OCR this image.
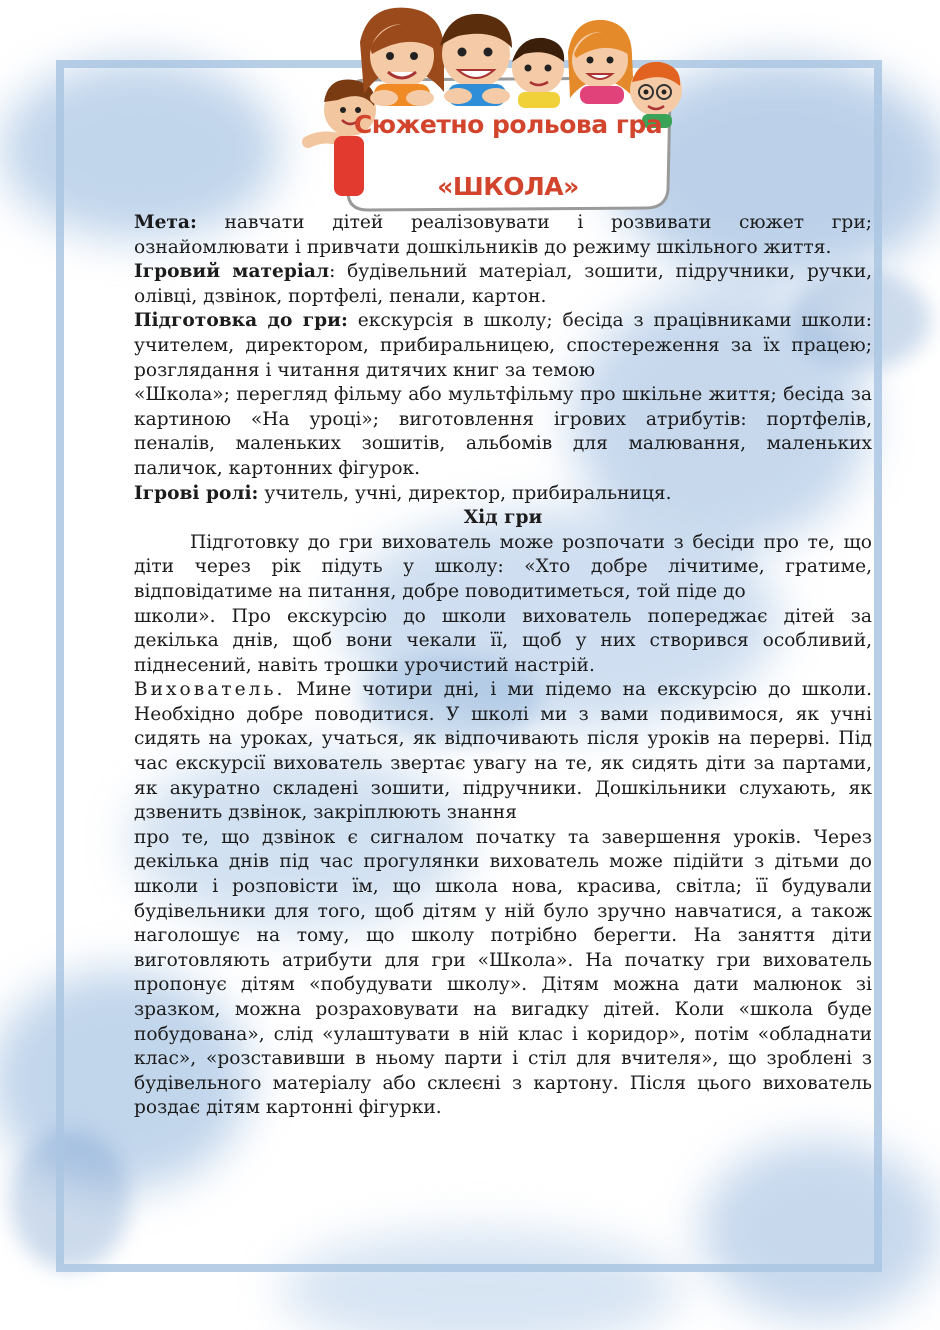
Сюжетно рольова гра
«ШКОЛА»

Мета: навчати дітей реалізовувати і розвивати сюжет гри; ознайомлювати і привчати дошкільників до режиму шкільного життя.

Ігровий матеріал: будівельний матеріал, зошити, підручники, ручки, олівці, дзвінок, портфелі, пенали, картон.

Підготовка до гри: екскурсія в школу; бесіда з працівниками школи: учителем, директором, прибиральницею, спостереження за їх працею; розглядання і читання дитячих книг за темою

«Школа»; перегляд фільму або мультфільму про шкільне життя; бесіда за картиною «На уроці»; виготовлення ігрових атрибутів: портфелів, пеналів, маленьких зошитів, альбомів для малювання, маленьких паличок, картонних фігурок.

Ігрові ролі: учитель, учні, директор, прибиральниця.

Хід гри

Підготовку до гри вихователь може розпочати з бесіди про те, що діти через рік підуть у школу: «Хто добре лічитиме, гратиме, відповідатиме на питання, добре поводитиметься, той піде до

школи». Про екскурсію до школи вихователь попереджає дітей за декілька днів, щоб вони чекали її, щоб у них створився особливий, піднесений, навіть трошки урочистий настрій.

Вихователь. Мине чотири дні, і ми підемо на екскурсію до школи. Необхідно добре поводитися. У школі ми з вами подивимося, як учні сидять на уроках, учаться, як відпочивають після уроків на перерві. Під час екскурсії вихователь звертає увагу на те, як сидять діти за партами, як акуратно складені зошити, підручники. Дошкільники слухають, як дзвенить дзвінок, закріплюють знання

про те, що дзвінок є сигналом початку та завершення уроків. Через декілька днів під час прогулянки вихователь може підійти з дітьми до школи і розповісти їм, що школа нова, красива, світла; її будували будівельники для того, щоб дітям у ній було зручно навчатися, а також наголошує на тому, що школу потрібно берегти. На заняття діти виготовляють атрибути для гри «Школа». На початку гри вихователь пропонує дітям «побудувати школу». Дітям можна дати малюнок зі зразком, можна розраховувати на вигадку дітей. Коли «школа буде побудована», слід «улаштувати в ній клас і коридор», потім «обладнати клас», «розставивши в ньому парти і стіл для вчителя», що зроблені з будівельного матеріалу або склеєні з картону. Після цього вихователь роздає дітям картонні фігурки.
